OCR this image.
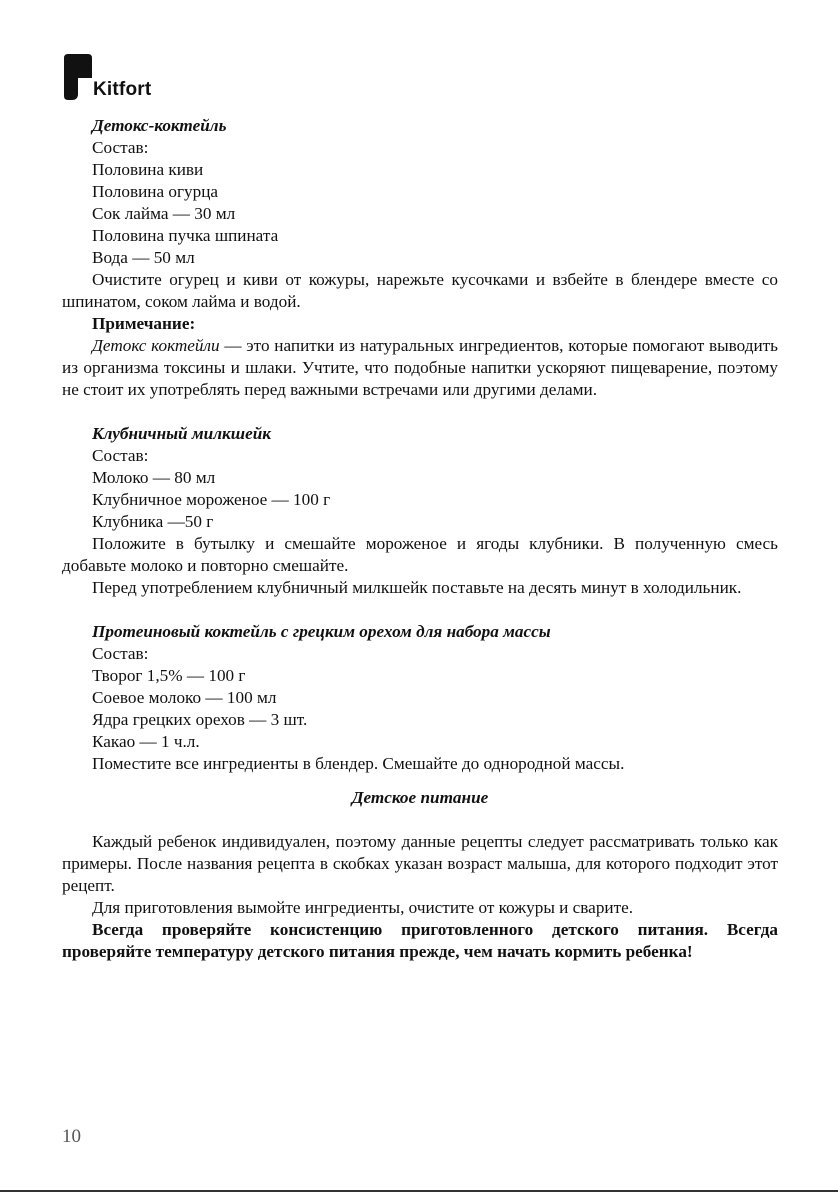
Kitfort

Детокс-коктейль

Состав:

Половина киви

Половина огурца

Сок лайма — 30 мл

Половина пучка шпината

Вода — 50 мл

Очистите огурец и киви от кожуры, нарежьте кусочками и взбейте в блендере вместе со шпинатом, соком лайма и водой.

Примечание:

Детокс коктейли — это напитки из натуральных ингредиентов, которые помогают выводить из организма токсины и шлаки. Учтите, что подобные напитки ускоряют пищеварение, поэтому не стоит их употреблять перед важными встречами или другими делами.

Клубничный милкшейк

Состав:

Молоко — 80 мл

Клубничное мороженое — 100 г

Клубника —50 г

Положите в бутылку и смешайте мороженое и ягоды клубники. В полученную смесь добавьте молоко и повторно смешайте.

Перед употреблением клубничный милкшейк поставьте на десять минут в холодильник.

Протеиновый коктейль с грецким орехом для набора массы

Состав:

Творог 1,5% — 100 г

Соевое молоко — 100 мл

Ядра грецких орехов — 3 шт.

Какао — 1 ч.л.

Поместите все ингредиенты в блендер. Смешайте до однородной массы.

Детское питание

Каждый ребенок индивидуален, поэтому данные рецепты следует рассматривать только как примеры. После названия рецепта в скобках указан возраст малыша, для которого подходит этот рецепт.

Для приготовления вымойте ингредиенты, очистите от кожуры и сварите.

Всегда проверяйте консистенцию приготовленного детского питания. Всегда проверяйте температуру детского питания прежде, чем начать кормить ребенка!

10
